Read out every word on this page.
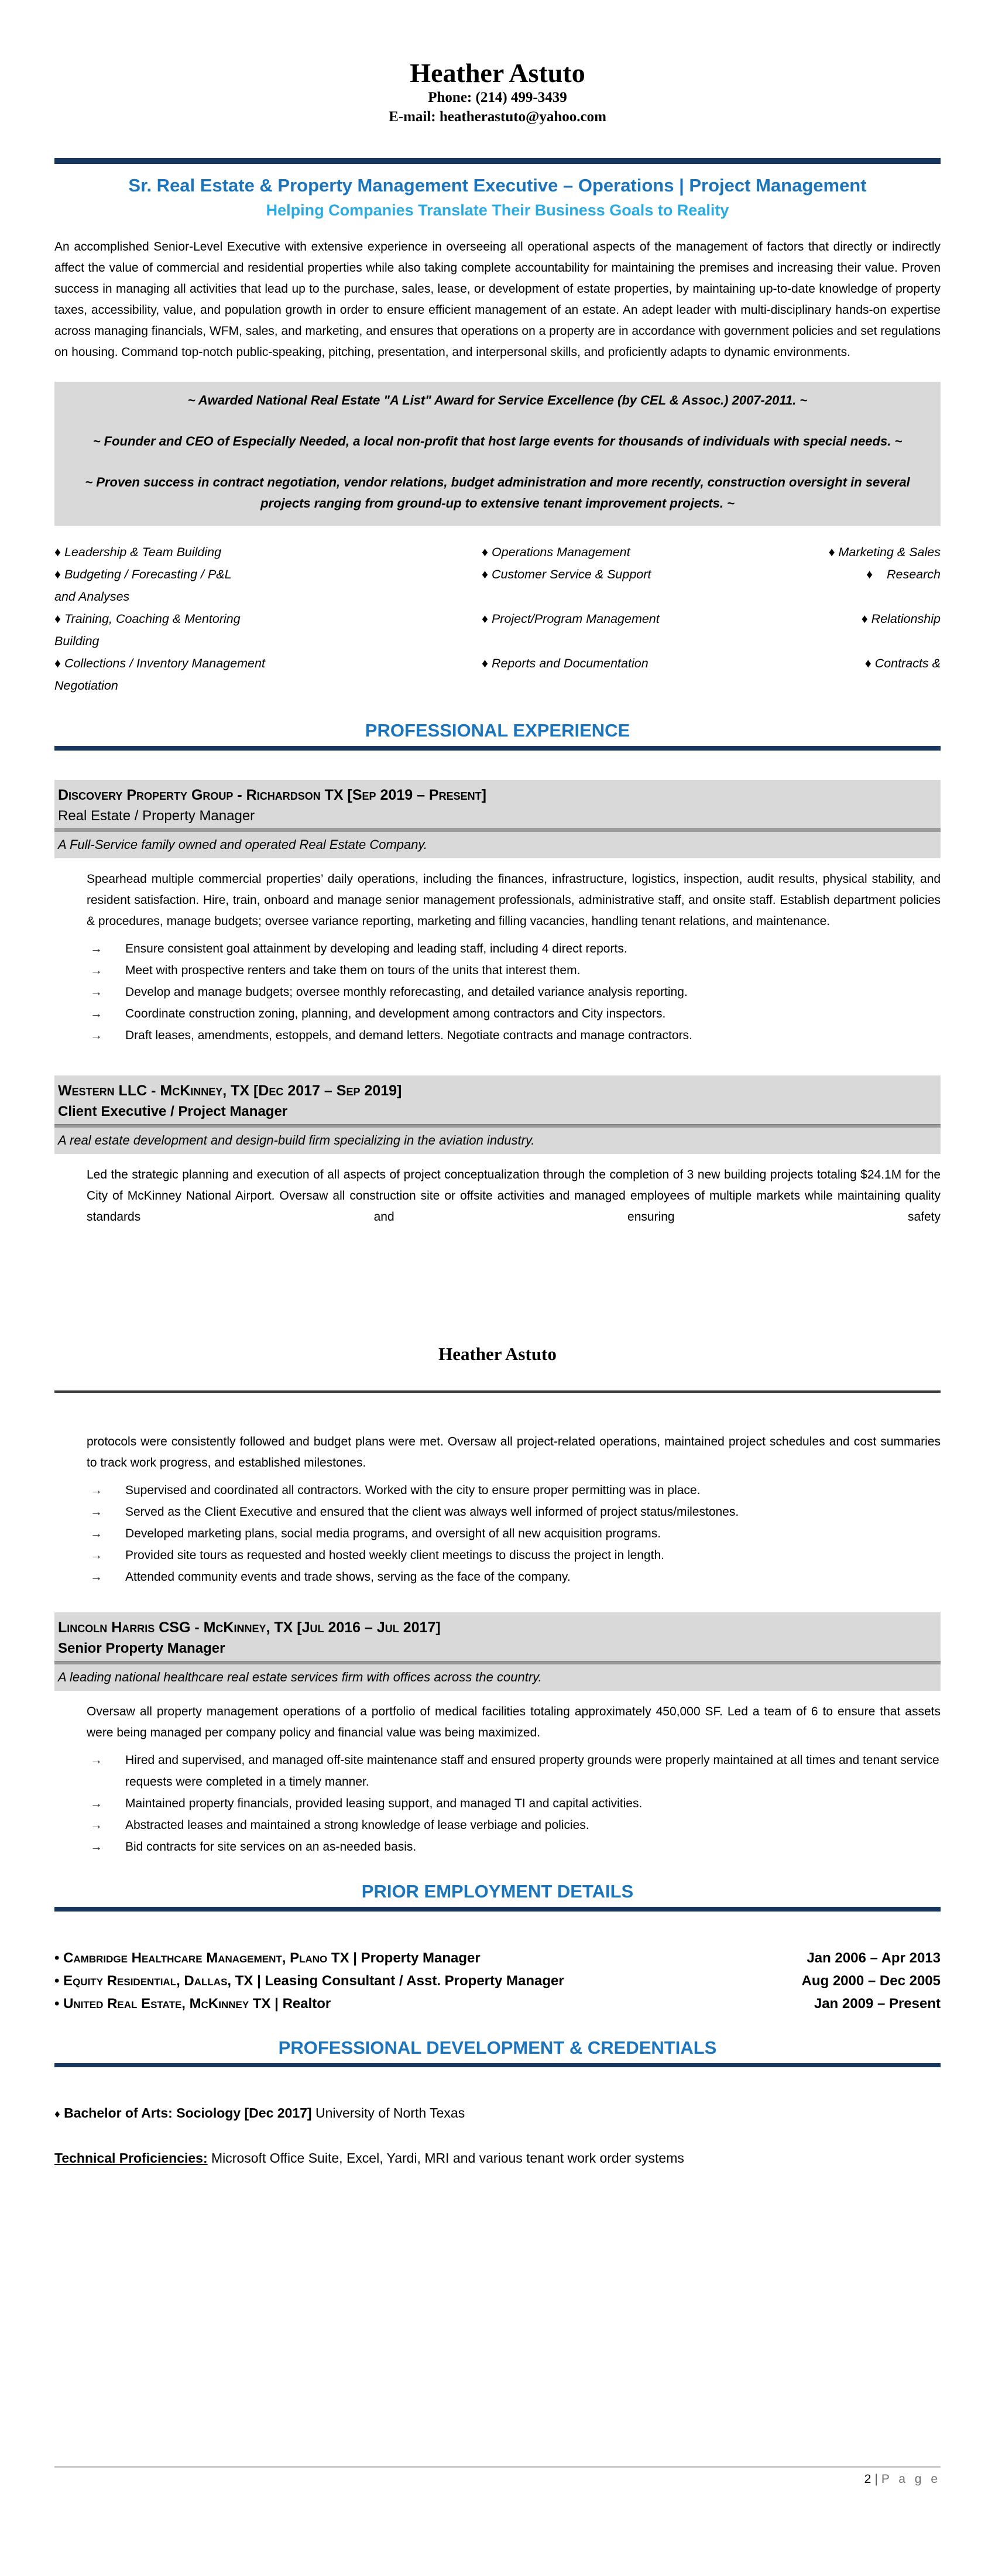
Heather Astuto
Phone: (214) 499-3439
E-mail: heatherastuto@yahoo.com
Sr. Real Estate & Property Management Executive – Operations | Project Management
Helping Companies Translate Their Business Goals to Reality
An accomplished Senior-Level Executive with extensive experience in overseeing all operational aspects of the management of factors that directly or indirectly affect the value of commercial and residential properties while also taking complete accountability for maintaining the premises and increasing their value. Proven success in managing all activities that lead up to the purchase, sales, lease, or development of estate properties, by maintaining up-to-date knowledge of property taxes, accessibility, value, and population growth in order to ensure efficient management of an estate. An adept leader with multi-disciplinary hands-on expertise across managing financials, WFM, sales, and marketing, and ensures that operations on a property are in accordance with government policies and set regulations on housing. Command top-notch public-speaking, pitching, presentation, and interpersonal skills, and proficiently adapts to dynamic environments.
~ Awarded National Real Estate "A List" Award for Service Excellence (by CEL & Assoc.) 2007-2011. ~
~ Founder and CEO of Especially Needed, a local non-profit that host large events for thousands of individuals with special needs. ~
~ Proven success in contract negotiation, vendor relations, budget administration and more recently, construction oversight in several projects ranging from ground-up to extensive tenant improvement projects. ~
♦ Leadership & Team Building	♦ Operations Management	♦ Marketing & Sales
♦ Budgeting / Forecasting / P&L	♦ Customer Service & Support	♦    Research
and Analyses
♦ Training, Coaching & Mentoring	♦ Project/Program Management	♦ Relationship
Building
♦ Collections / Inventory Management	♦ Reports and Documentation	♦ Contracts &
Negotiation
PROFESSIONAL EXPERIENCE
Discovery Property Group - Richardson TX [Sep 2019 – Present]
Real Estate / Property Manager
A Full-Service family owned and operated Real Estate Company.
Spearhead multiple commercial properties’ daily operations, including the finances, infrastructure, logistics, inspection, audit results, physical stability, and resident satisfaction. Hire, train, onboard and manage senior management professionals, administrative staff, and onsite staff. Establish department policies & procedures, manage budgets; oversee variance reporting, marketing and filling vacancies, handling tenant relations, and maintenance.
→	Ensure consistent goal attainment by developing and leading staff, including 4 direct reports.
→	Meet with prospective renters and take them on tours of the units that interest them.
→	Develop and manage budgets; oversee monthly reforecasting, and detailed variance analysis reporting.
→	Coordinate construction zoning, planning, and development among contractors and City inspectors.
→	Draft leases, amendments, estoppels, and demand letters. Negotiate contracts and manage contractors.
Western LLC - McKinney, TX [Dec 2017 – Sep 2019]
Client Executive / Project Manager
A real estate development and design-build firm specializing in the aviation industry.
Led the strategic planning and execution of all aspects of project conceptualization through the completion of 3 new building projects totaling $24.1M for the City of McKinney National Airport. Oversaw all construction site or offsite activities and managed employees of multiple markets while maintaining quality standards and ensuring safety
Heather Astuto
protocols were consistently followed and budget plans were met. Oversaw all project-related operations, maintained project schedules and cost summaries to track work progress, and established milestones.
→	Supervised and coordinated all contractors. Worked with the city to ensure proper permitting was in place.
→	Served as the Client Executive and ensured that the client was always well informed of project status/milestones.
→	Developed marketing plans, social media programs, and oversight of all new acquisition programs.
→	Provided site tours as requested and hosted weekly client meetings to discuss the project in length.
→	Attended community events and trade shows, serving as the face of the company.
Lincoln Harris CSG - McKinney, TX [Jul 2016 – Jul 2017]
Senior Property Manager
A leading national healthcare real estate services firm with offices across the country.
Oversaw all property management operations of a portfolio of medical facilities totaling approximately 450,000 SF. Led a team of 6 to ensure that assets were being managed per company policy and financial value was being maximized.
→	Hired and supervised, and managed off-site maintenance staff and ensured property grounds were properly maintained at all times and tenant service requests were completed in a timely manner.
→	Maintained property financials, provided leasing support, and managed TI and capital activities.
→	Abstracted leases and maintained a strong knowledge of lease verbiage and policies.
→	Bid contracts for site services on an as-needed basis.
PRIOR EMPLOYMENT DETAILS
• Cambridge Healthcare Management, Plano TX | Property Manager	Jan 2006 – Apr 2013
• Equity Residential, Dallas, TX | Leasing Consultant / Asst. Property Manager	Aug 2000 – Dec 2005
• United Real Estate, McKinney TX | Realtor	Jan 2009 – Present
PROFESSIONAL DEVELOPMENT & CREDENTIALS
♦ Bachelor of Arts: Sociology [Dec 2017] University of North Texas
Technical Proficiencies: Microsoft Office Suite, Excel, Yardi, MRI and various tenant work order systems
2 | P a g e
